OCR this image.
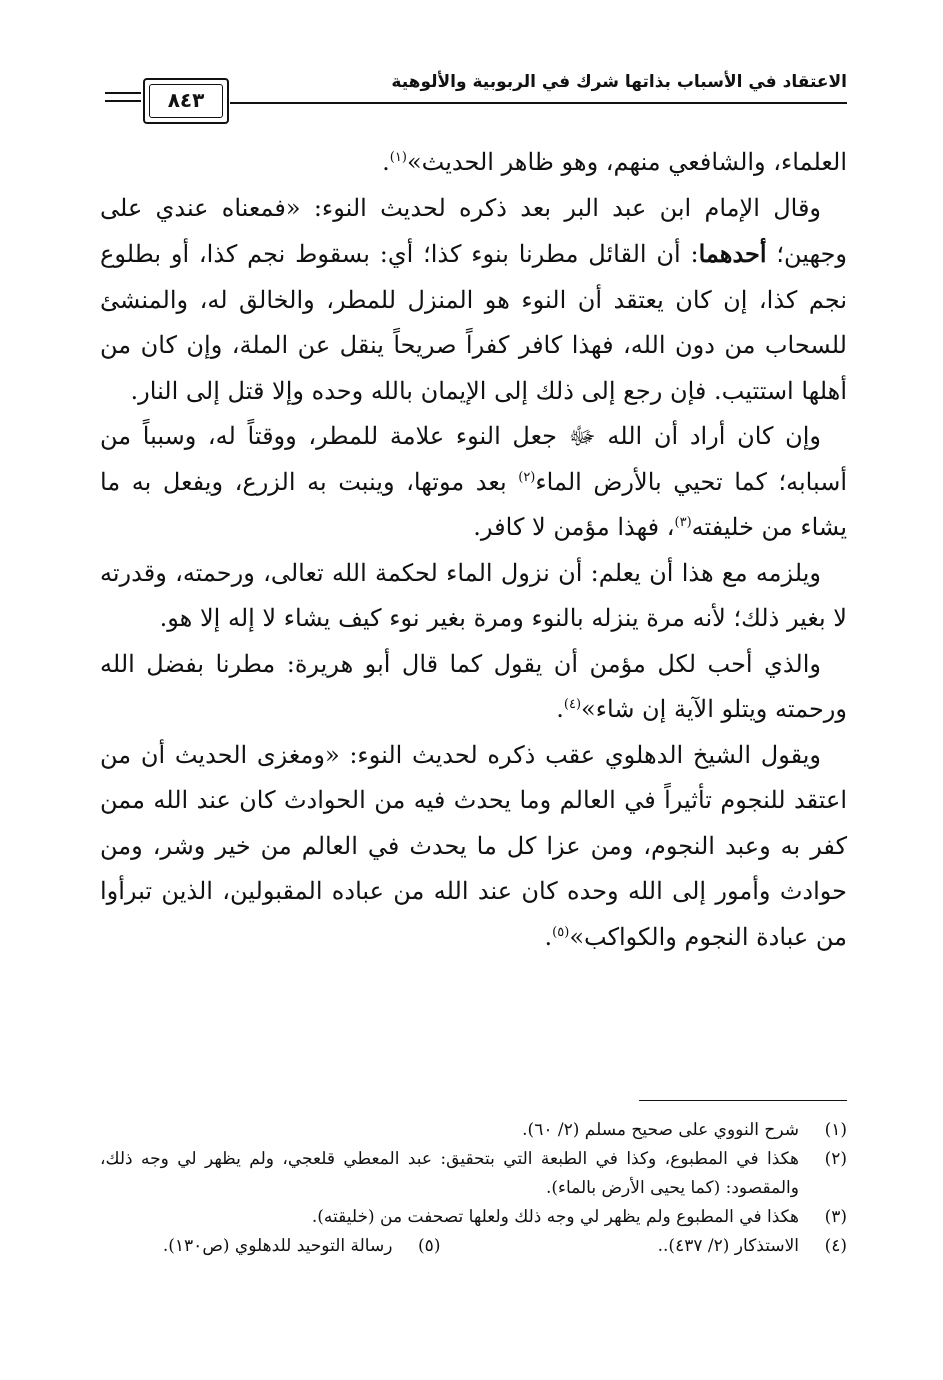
الاعتقاد في الأسباب بذاتها شرك في الربوبية والألوهية
٨٤٣

العلماء، والشافعي منهم، وهو ظاهر الحديث»$^{(١)}$.

وقال الإمام ابن عبد البر بعد ذكره لحديث النوء: «فمعناه عندي على وجهين؛ أحدهما: أن القائل مطرنا بنوء كذا؛ أي: بسقوط نجم كذا، أو بطلوع نجم كذا، إن كان يعتقد أن النوء هو المنزل للمطر، والخالق له، والمنشئ للسحاب من دون الله، فهذا كافر كفراً صريحاً ينقل عن الملة، وإن كان من أهلها استتيب. فإن رجع إلى ذلك إلى الإيمان بالله وحده وإلا قتل إلى النار.

وإن كان أراد أن الله ﷻ جعل النوء علامة للمطر، ووقتاً له، وسبباً من أسبابه؛ كما تحيي بالأرض الماء$^{(٢)}$ بعد موتها، وينبت به الزرع، ويفعل به ما يشاء من خليفته$^{(٣)}$، فهذا مؤمن لا كافر.

ويلزمه مع هذا أن يعلم: أن نزول الماء لحكمة الله تعالى، ورحمته، وقدرته لا بغير ذلك؛ لأنه مرة ينزله بالنوء ومرة بغير نوء كيف يشاء لا إله إلا هو.

والذي أحب لكل مؤمن أن يقول كما قال أبو هريرة: مطرنا بفضل الله ورحمته ويتلو الآية إن شاء»$^{(٤)}$.

ويقول الشيخ الدهلوي عقب ذكره لحديث النوء: «ومغزى الحديث أن من اعتقد للنجوم تأثيراً في العالم وما يحدث فيه من الحوادث كان عند الله ممن كفر به وعبد النجوم، ومن عزا كل ما يحدث في العالم من خير وشر، ومن حوادث وأمور إلى الله وحده كان عند الله من عباده المقبولين، الذين تبرأوا من عبادة النجوم والكواكب»$^{(٥)}$.

(١)
شرح النووي على صحيح مسلم (٢/ ٦٠).
(٢)
هكذا في المطبوع، وكذا في الطبعة التي بتحقيق: عبد المعطي قلعجي، ولم يظهر لي وجه ذلك، والمقصود: (كما يحيى الأرض بالماء).
(٣)
هكذا في المطبوع ولم يظهر لي وجه ذلك ولعلها تصحفت من (خليقته).
(٤)
الاستذكار (٢/ ٤٣٧)..
(٥)
رسالة التوحيد للدهلوي (ص١٣٠).
